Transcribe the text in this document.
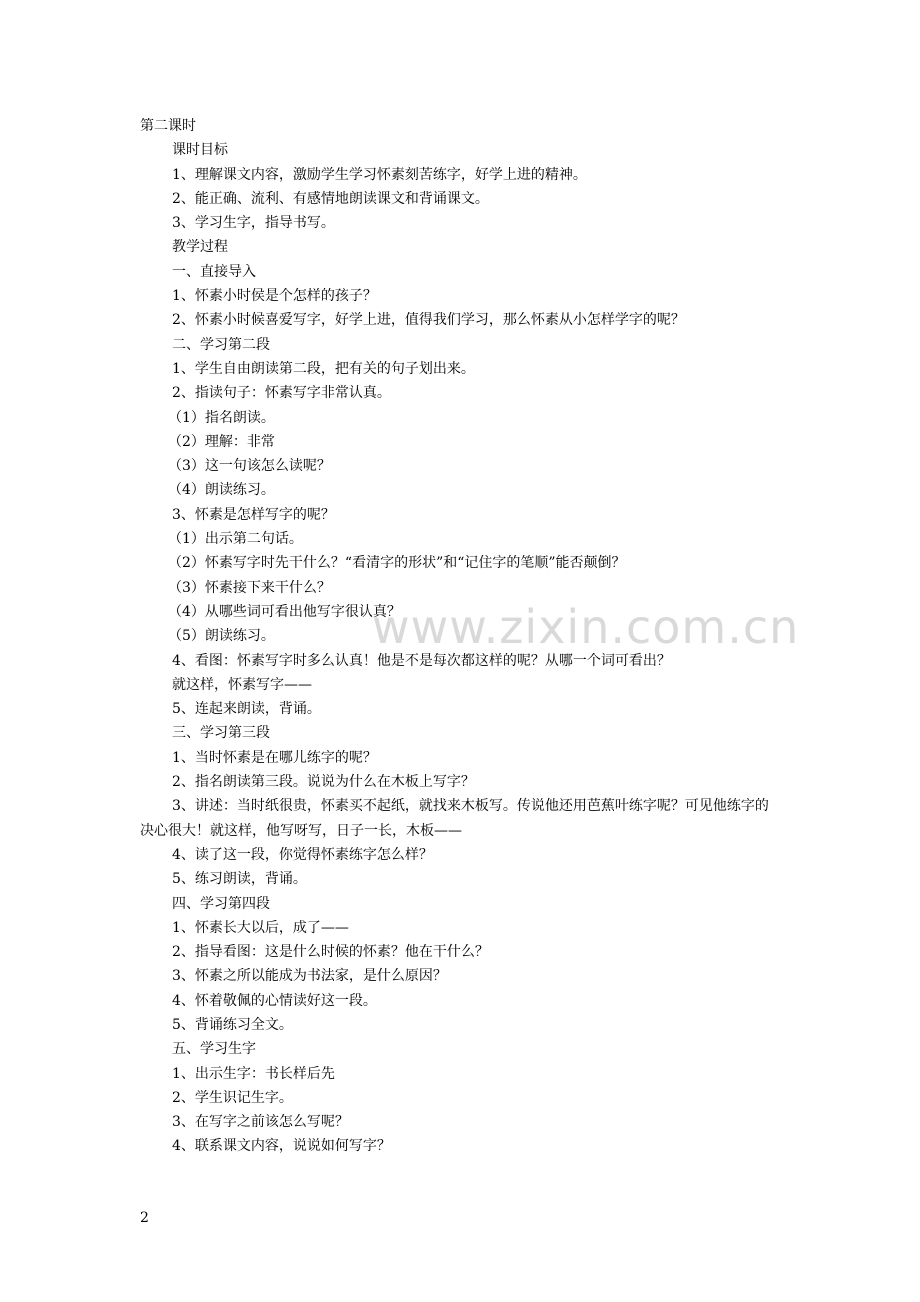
第二课时
课时目标
1、理解课文内容，激励学生学习怀素刻苦练字，好学上进的精神。
2、能正确、流利、有感情地朗读课文和背诵课文。
3、学习生字，指导书写。
教学过程
一、直接导入
1、怀素小时侯是个怎样的孩子？
2、怀素小时候喜爱写字，好学上进，值得我们学习，那么怀素从小怎样学字的呢？
二、学习第二段
1、学生自由朗读第二段，把有关的句子划出来。
2、指读句子：怀素写字非常认真。
（1）指名朗读。
（2）理解：非常
（3）这一句该怎么读呢？
（4）朗读练习。
3、怀素是怎样写字的呢？
（1）出示第二句话。
（2）怀素写字时先干什么？“看清字的形状”和“记住字的笔顺”能否颠倒？
（3）怀素接下来干什么？
（4）从哪些词可看出他写字很认真？
（5）朗读练习。
4、看图：怀素写字时多么认真！他是不是每次都这样的呢？从哪一个词可看出？
就这样，怀素写字——
5、连起来朗读，背诵。
三、学习第三段
1、当时怀素是在哪儿练字的呢？
2、指名朗读第三段。说说为什么在木板上写字？
3、讲述：当时纸很贵，怀素买不起纸，就找来木板写。传说他还用芭蕉叶练字呢？可见他练字的决心很大！就这样，他写呀写，日子一长，木板——
4、读了这一段，你觉得怀素练字怎么样？
5、练习朗读，背诵。
四、学习第四段
1、怀素长大以后，成了——
2、指导看图：这是什么时候的怀素？他在干什么？
3、怀素之所以能成为书法家，是什么原因？
4、怀着敬佩的心情读好这一段。
5、背诵练习全文。
五、学习生字
1、出示生字：书长样后先
2、学生识记生字。
3、在写字之前该怎么写呢？
4、联系课文内容，说说如何写字？
www.zixin.com.cn
2
